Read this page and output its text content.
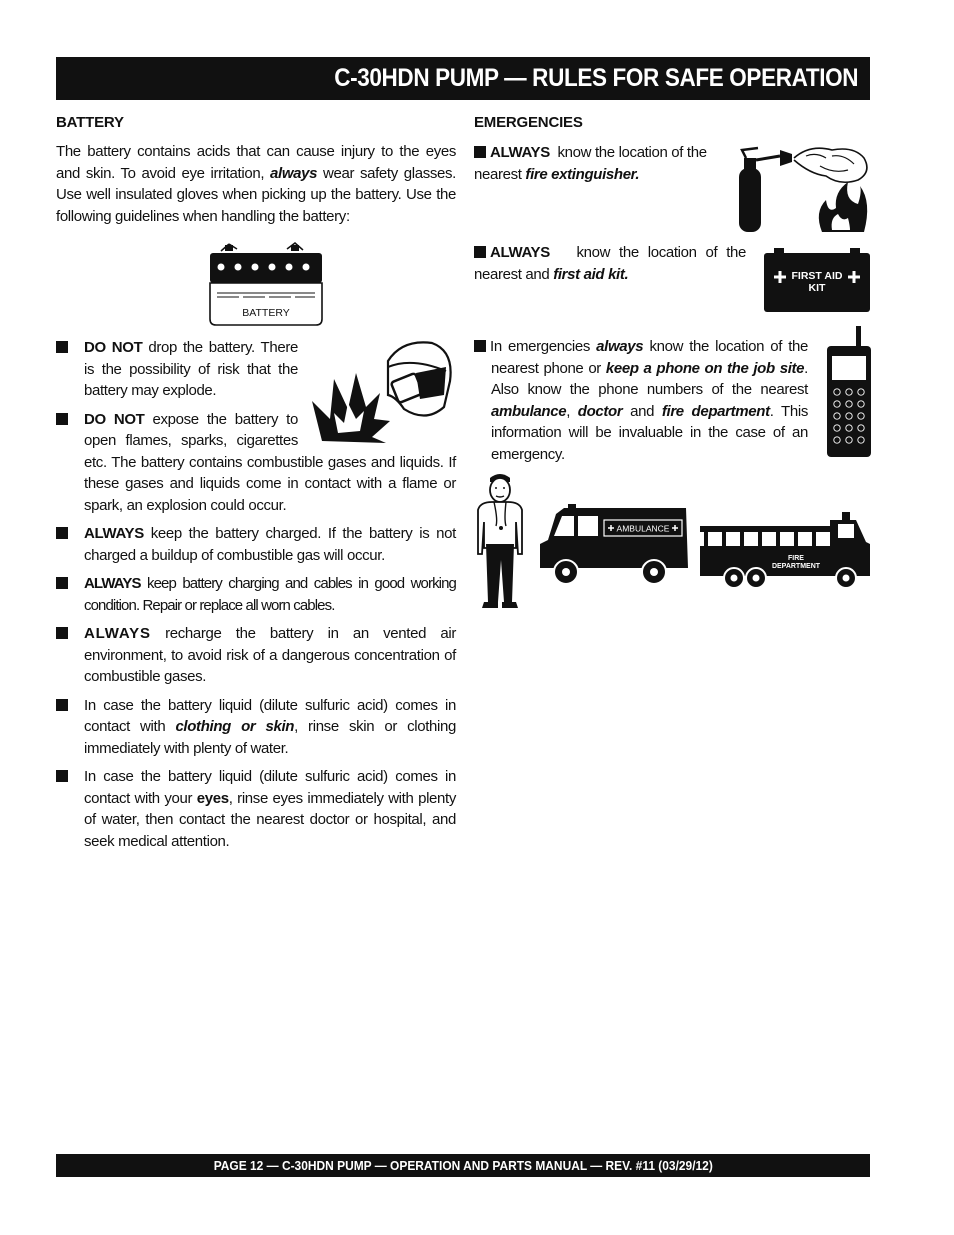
C-30HDN PUMP — RULES FOR SAFE OPERATION
BATTERY

The battery contains acids that can cause injury to the eyes and skin. To avoid eye irritation, always wear safety glasses. Use well insulated gloves when picking up the battery. Use the following guidelines when handling the battery:

BATTERY
DO NOT drop the battery. There is the possibility of risk that the battery may explode.
DO NOT expose the battery to open flames, sparks, cigarettes etc. The battery contains combustible gases and liquids. If these gases and liquids come in contact with a flame or spark, an explosion could occur.
ALWAYS keep the battery charged. If the battery is not charged a buildup of combustible gas will occur.
ALWAYS keep battery charging and cables in good working condition. Repair or replace all worn cables.
ALWAYS recharge the battery in an vented air environment, to avoid risk of a dangerous concentration of combustible gases.
In case the battery liquid (dilute sulfuric acid) comes in contact with clothing or skin, rinse skin or clothing immediately with plenty of water.
In case the battery liquid (dilute sulfuric acid) comes in contact with your eyes, rinse eyes immediately with plenty of water, then contact the nearest doctor or hospital, and seek medical attention.
EMERGENCIES
ALWAYS know the location of the nearest fire extinguisher.
ALWAYS know the location of the nearest and first aid kit.	FIRST AID
KIT
In emergencies always know the location of the nearest phone or keep a phone on the job site. Also know the phone numbers of the nearest ambulance, doctor and fire department. This information will be invaluable in the case of an emergency.
AMBULANCE
FIRE
DEPARTMENT
PAGE 12 — C-30HDN PUMP — OPERATION AND PARTS MANUAL — REV. #11 (03/29/12)
